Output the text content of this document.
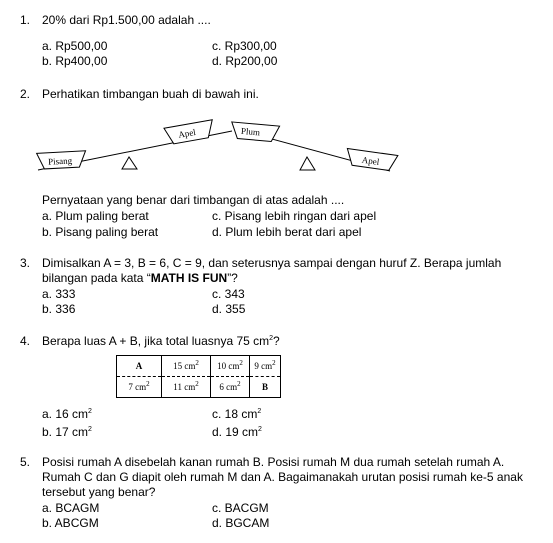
1. 20% dari Rp1.500,00 adalah ....
a. Rp500,00	c. Rp300,00
b. Rp400,00	d. Rp200,00
2. Perhatikan timbangan buah di bawah ini.
Pisang
Apel	Plum
Apel
Pernyataan yang benar dari timbangan di atas adalah ....
a. Plum paling berat	c. Pisang lebih ringan dari apel
b. Pisang paling berat	d. Plum lebih berat dari apel
3. Dimisalkan A = 3, B = 6, C = 9, dan seterusnya sampai dengan huruf Z. Berapa jumlah
bilangan pada kata “MATH IS FUN”?
a. 333	c. 343
b. 336	d. 355
4. Berapa luas A + B, jika total luasnya 75 $cm^2$?
A	15 $cm^2$	10 $cm^2$	9 $cm^2$
7 $cm^2$	11 $cm^2$	6 $cm^2$	B
a. 16 $cm^2$	c. 18 $cm^2$
b. 17 $cm^2$	d. 19 $cm^2$
5. Posisi rumah A disebelah kanan rumah B. Posisi rumah M dua rumah setelah rumah A.
Rumah C dan G diapit oleh rumah M dan A. Bagaimanakah urutan posisi rumah ke-5 anak
tersebut yang benar?
a. BCAGM	c. BACGM
b. ABCGM	d. BGCAM
